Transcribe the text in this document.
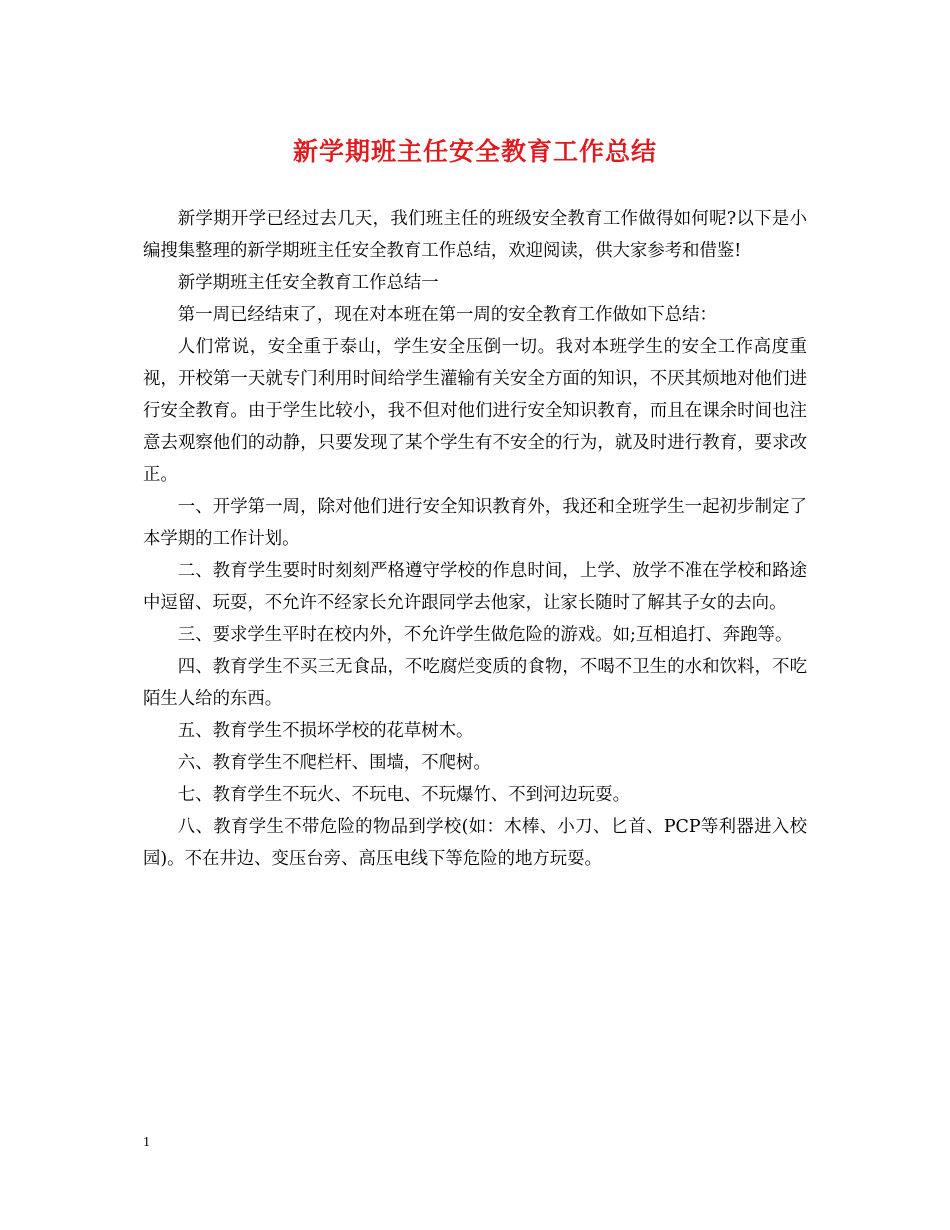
新学期班主任安全教育工作总结

新学期开学已经过去几天，我们班主任的班级安全教育工作做得如何呢?以下是小编搜集整理的新学期班主任安全教育工作总结，欢迎阅读，供大家参考和借鉴!

新学期班主任安全教育工作总结一

第一周已经结束了，现在对本班在第一周的安全教育工作做如下总结：

人们常说，安全重于泰山，学生安全压倒一切。我对本班学生的安全工作高度重视，开校第一天就专门利用时间给学生灌输有关安全方面的知识，不厌其烦地对他们进行安全教育。由于学生比较小，我不但对他们进行安全知识教育，而且在课余时间也注意去观察他们的动静，只要发现了某个学生有不安全的行为，就及时进行教育，要求改正。

一、开学第一周，除对他们进行安全知识教育外，我还和全班学生一起初步制定了本学期的工作计划。

二、教育学生要时时刻刻严格遵守学校的作息时间，上学、放学不准在学校和路途中逗留、玩耍，不允许不经家长允许跟同学去他家，让家长随时了解其子女的去向。

三、要求学生平时在校内外，不允许学生做危险的游戏。如;互相追打、奔跑等。

四、教育学生不买三无食品，不吃腐烂变质的食物，不喝不卫生的水和饮料，不吃陌生人给的东西。

五、教育学生不损坏学校的花草树木。

六、教育学生不爬栏杆、围墙，不爬树。

七、教育学生不玩火、不玩电、不玩爆竹、不到河边玩耍。

八、教育学生不带危险的物品到学校(如：木棒、小刀、匕首、PCP等利器进入校园)。不在井边、变压台旁、高压电线下等危险的地方玩耍。

1
